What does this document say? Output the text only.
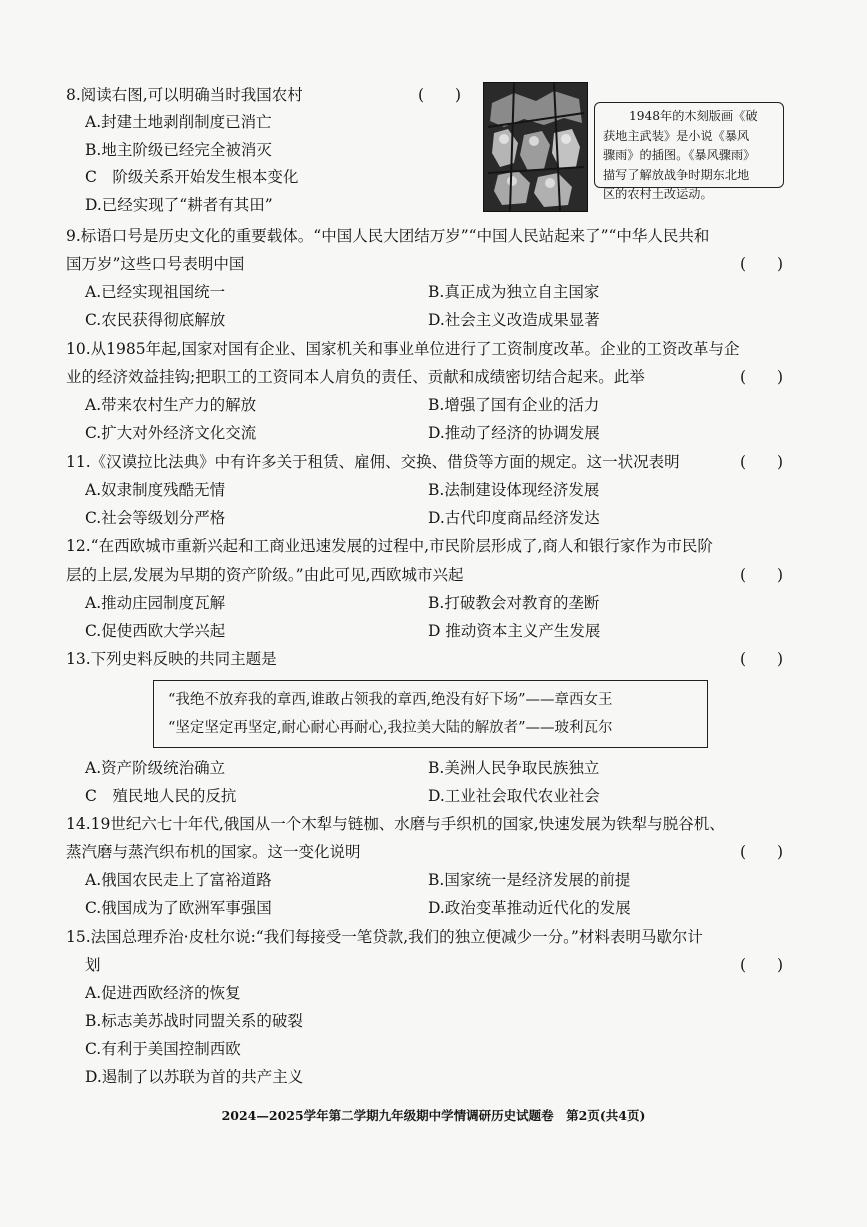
8.阅读右图,可以明确当时我国农村	(　　)
A.封建土地剥削制度已消亡
B.地主阶级已经完全被消灭
C　阶级关系开始发生根本变化
D.已经实现了“耕者有其田”
1948年的木刻版画《破
获地主武装》是小说《暴风
骤雨》的插图。《暴风骤雨》
描写了解放战争时期东北地
区的农村土改运动。
9.标语口号是历史文化的重要载体。“中国人民大团结万岁”“中国人民站起来了”“中华人民共和
国万岁”这些口号表明中国	(　　)
A.已经实现祖国统一	B.真正成为独立自主国家
C.农民获得彻底解放	D.社会主义改造成果显著
10.从1985年起,国家对国有企业、国家机关和事业单位进行了工资制度改革。企业的工资改革与企
业的经济效益挂钩;把职工的工资同本人肩负的责任、贡献和成绩密切结合起来。此举	(　　)
A.带来农村生产力的解放	B.增强了国有企业的活力
C.扩大对外经济文化交流	D.推动了经济的协调发展
11.《汉谟拉比法典》中有许多关于租赁、雇佣、交换、借贷等方面的规定。这一状况表明	(　　)
A.奴隶制度残酷无情	B.法制建设体现经济发展
C.社会等级划分严格	D.古代印度商品经济发达
12.“在西欧城市重新兴起和工商业迅速发展的过程中,市民阶层形成了,商人和银行家作为市民阶
层的上层,发展为早期的资产阶级。”由此可见,西欧城市兴起	(　　)
A.推动庄园制度瓦解	B.打破教会对教育的垄断
C.促使西欧大学兴起	D 推动资本主义产生发展
13.下列史料反映的共同主题是	(　　)
“我绝不放弃我的章西,谁敢占领我的章西,绝没有好下场”——章西女王
“坚定坚定再坚定,耐心耐心再耐心,我拉美大陆的解放者”——玻利瓦尔
A.资产阶级统治确立	B.美洲人民争取民族独立
C　殖民地人民的反抗	D.工业社会取代农业社会
14.19世纪六七十年代,俄国从一个木犁与链枷、水磨与手织机的国家,快速发展为铁犁与脱谷机、
蒸汽磨与蒸汽织布机的国家。这一变化说明	(　　)
A.俄国农民走上了富裕道路	B.国家统一是经济发展的前提
C.俄国成为了欧洲军事强国	D.政治变革推动近代化的发展
15.法国总理乔治·皮杜尔说:“我们每接受一笔贷款,我们的独立便减少一分。”材料表明马歇尔计
划	(　　)
A.促进西欧经济的恢复
B.标志美苏战时同盟关系的破裂
C.有利于美国控制西欧
D.遏制了以苏联为首的共产主义
2024—2025学年第二学期九年级期中学情调研历史试题卷　第2页(共4页)
